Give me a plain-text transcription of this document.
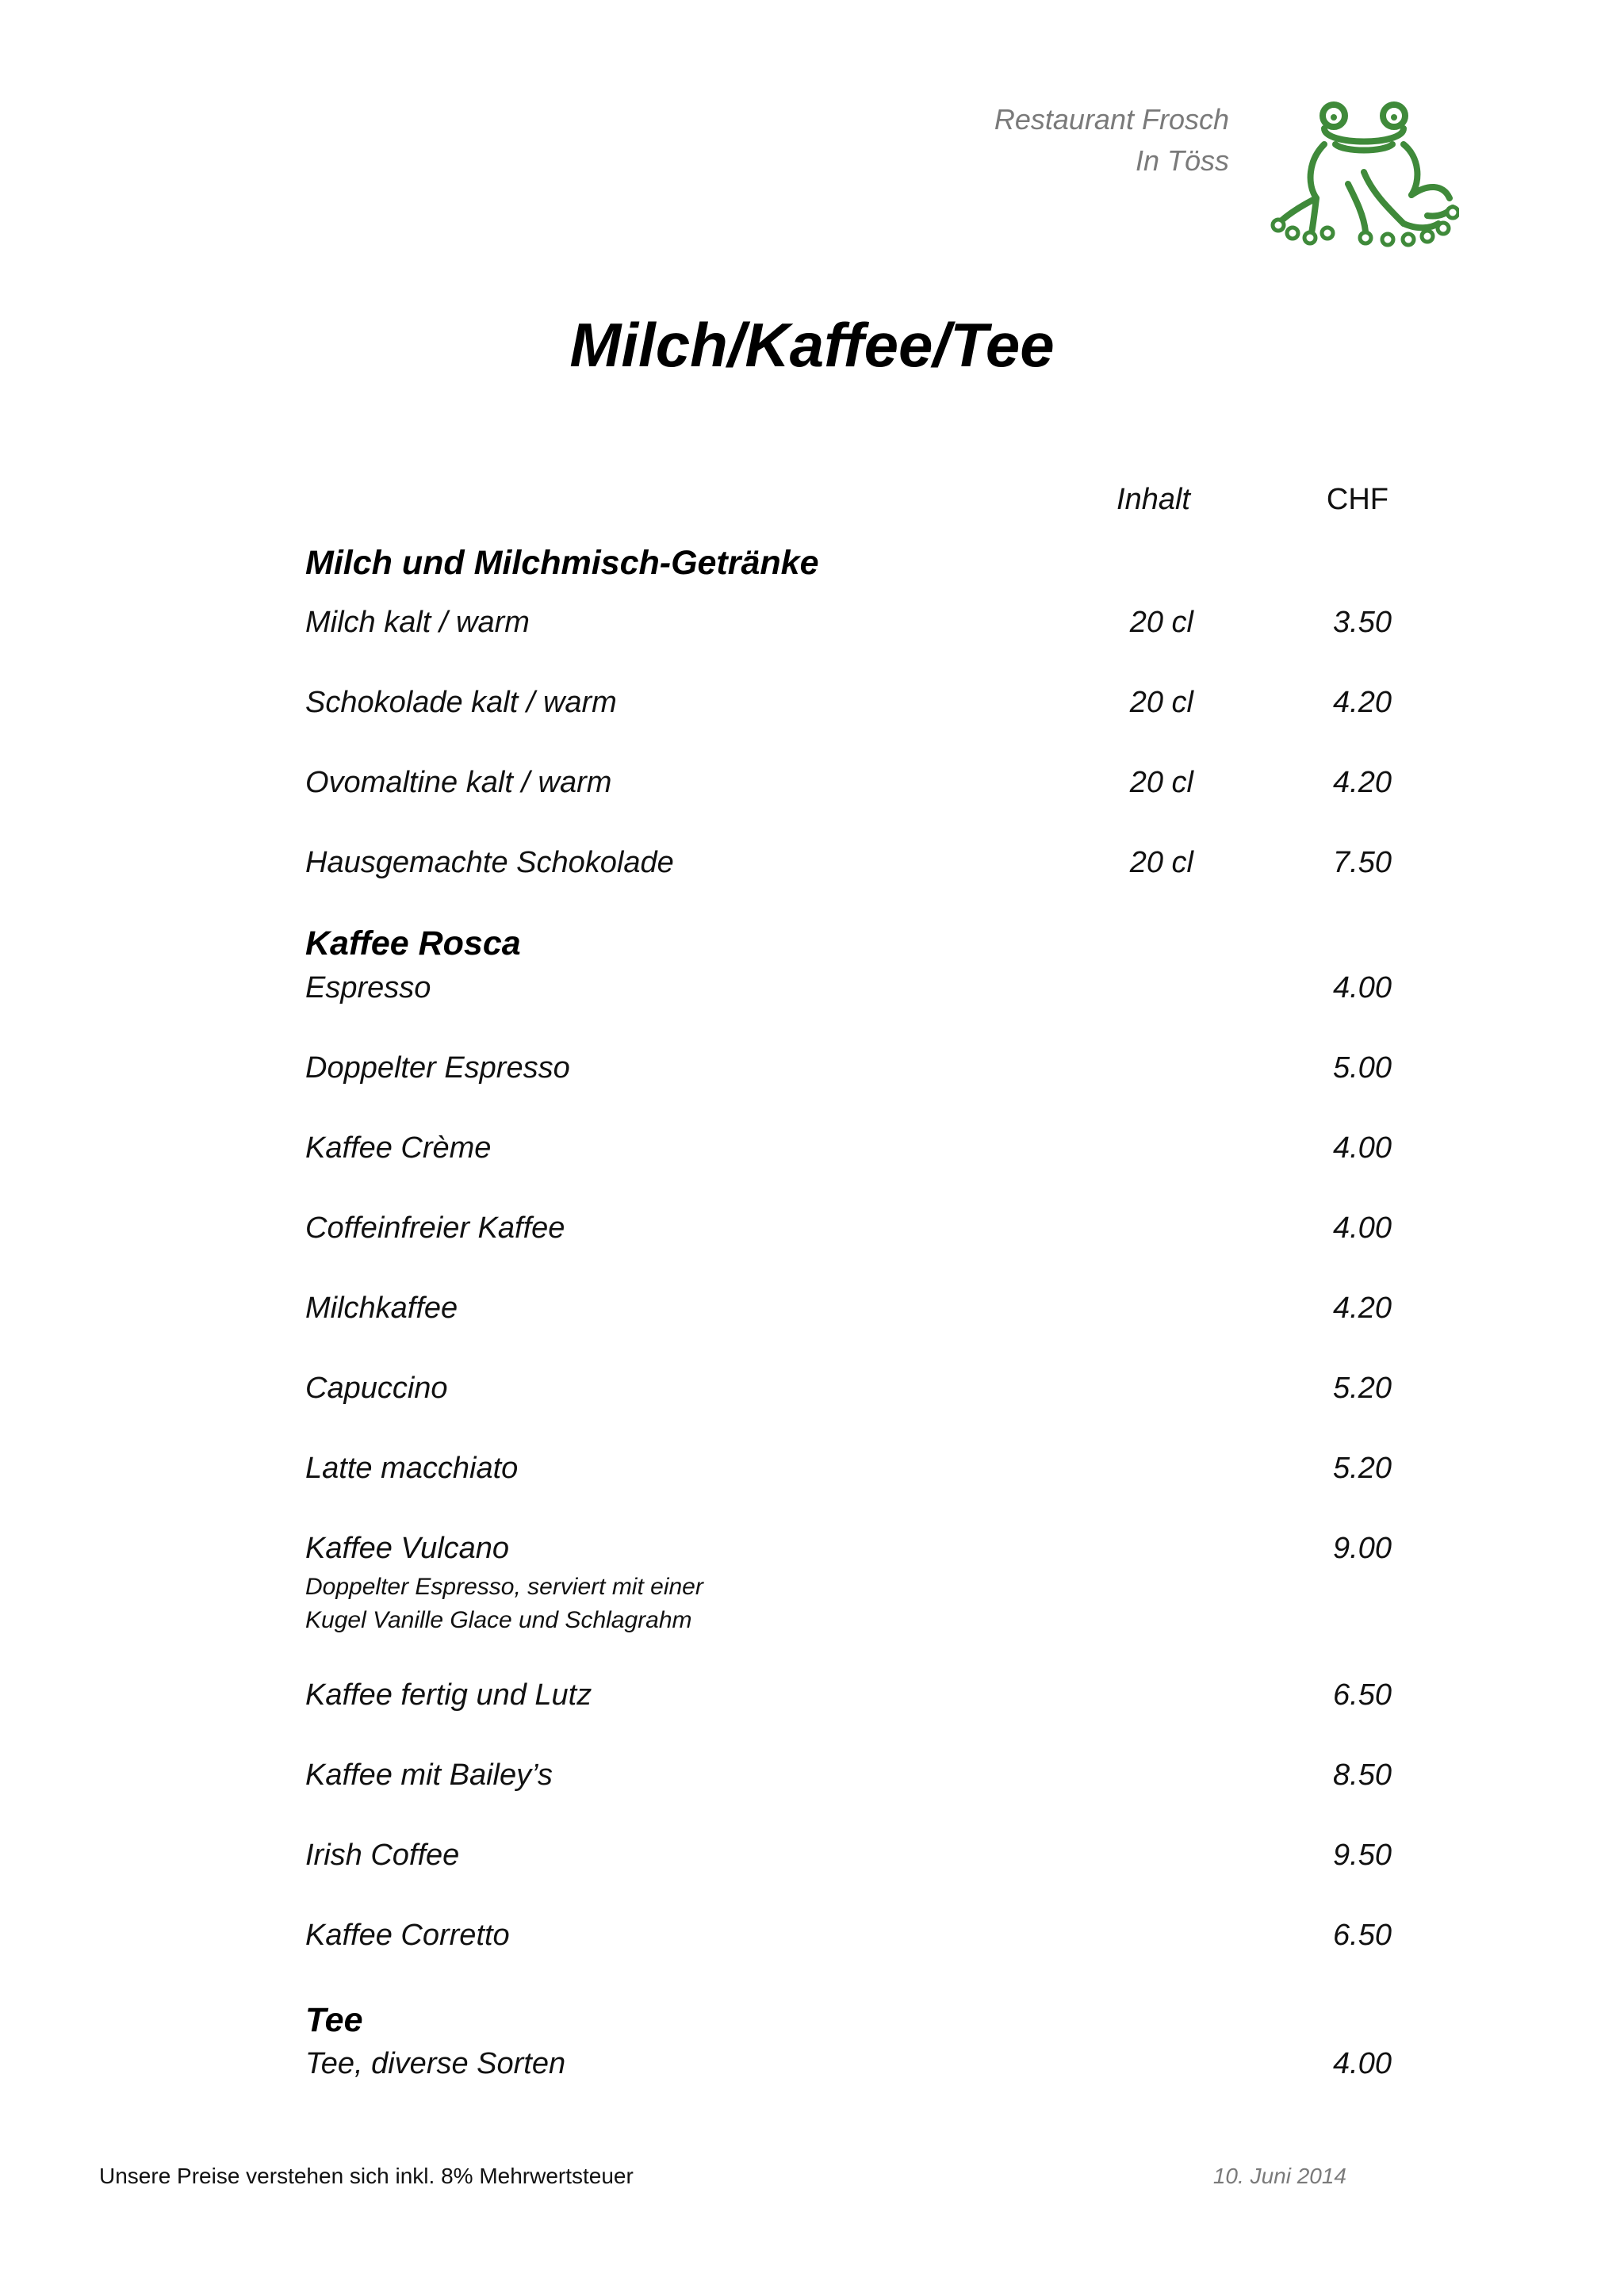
Restaurant Frosch
In Töss
Milch/Kaffee/Tee
Inhalt	CHF
Milch und Milchmisch-Getränke
Milch kalt / warm	20 cl	3.50
Schokolade kalt / warm	20 cl	4.20
Ovomaltine kalt / warm	20 cl	4.20
Hausgemachte Schokolade	20 cl	7.50
Kaffee Rosca
Espresso	4.00
Doppelter Espresso	5.00
Kaffee Crème	4.00
Coffeinfreier Kaffee	4.00
Milchkaffee	4.20
Capuccino	5.20
Latte macchiato	5.20
Kaffee Vulcano	9.00
Doppelter Espresso, serviert mit einer
Kugel Vanille Glace und Schlagrahm
Kaffee fertig und Lutz	6.50
Kaffee mit Bailey’s	8.50
Irish Coffee	9.50
Kaffee Corretto	6.50
Tee
Tee, diverse Sorten	4.00
Unsere Preise verstehen sich inkl. 8% Mehrwertsteuer	10. Juni 2014
